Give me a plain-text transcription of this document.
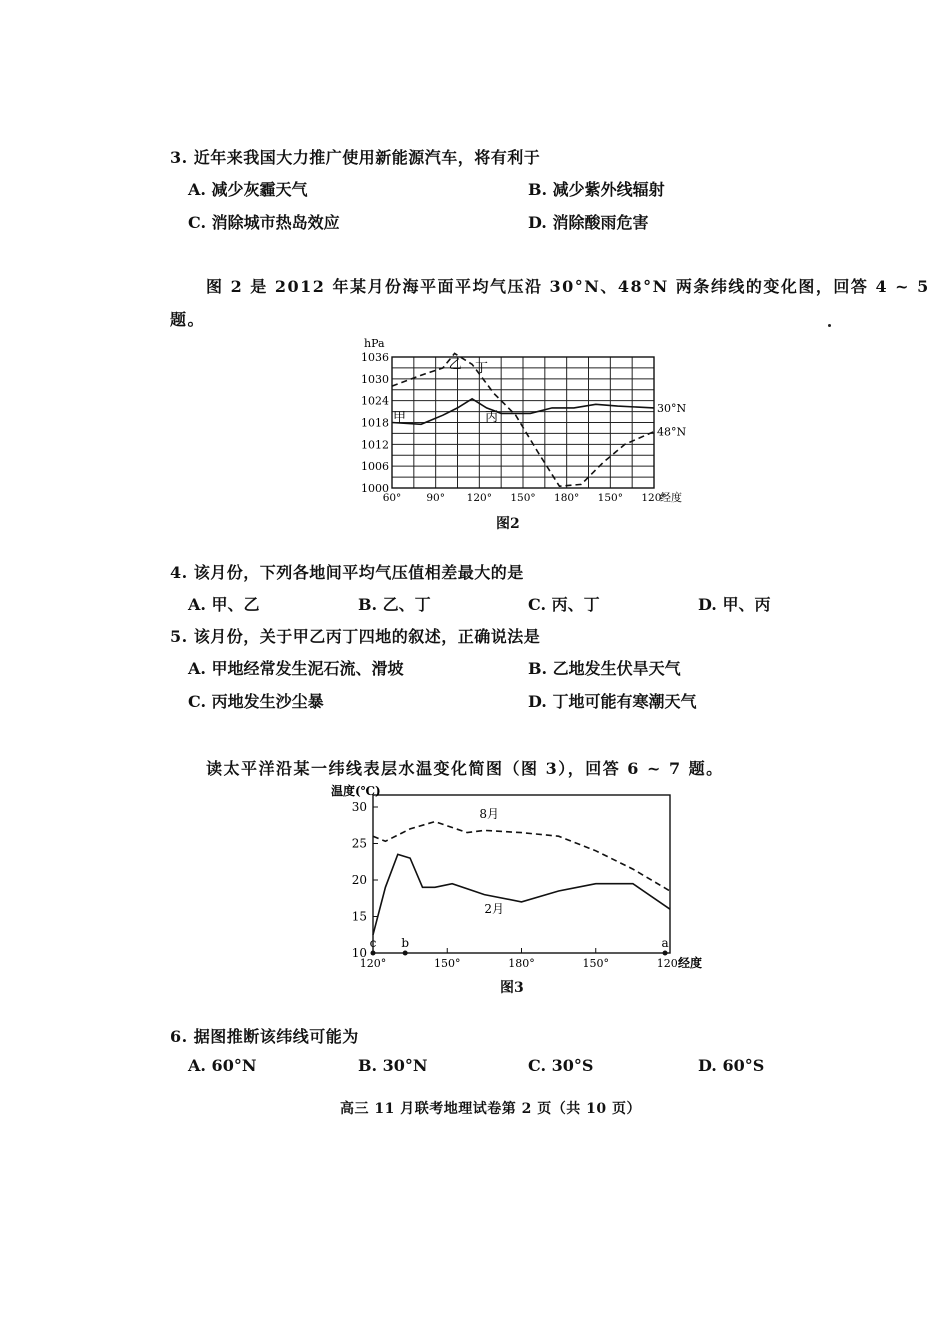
3. 近年来我国大力推广使用新能源汽车，将有利于
A. 减少灰霾天气	B. 减少紫外线辐射
C. 消除城市热岛效应	D. 消除酸雨危害
图 2 是 2012 年某月份海平面平均气压沿 30°N、48°N 两条纬线的变化图，回答 4 ~ 5
题。
1036
1030
1024
1018
1012
1006
1000
hPa
60° 90° 120° 150° 180° 150° 120°
经度
30°N
48°N
甲
乙 丁
丙
图2
4. 该月份，下列各地间平均气压值相差最大的是
A. 甲、乙	B. 乙、丁	C. 丙、丁	D. 甲、丙
5. 该月份，关于甲乙丙丁四地的叙述，正确说法是
A. 甲地经常发生泥石流、滑坡	B. 乙地发生伏旱天气
C. 丙地发生沙尘暴	D. 丁地可能有寒潮天气
读太平洋沿某一纬线表层水温变化简图（图 3），回答 6 ~ 7 题。
30
25
20
15
10
温度(℃)
120°	150°	180°	150°	120°
经度
8月
2月
c b	a
图3
6. 据图推断该纬线可能为
A. 60°N	B. 30°N	C. 30°S	D. 60°S
高三 11 月联考地理试卷第 2 页（共 10 页）
